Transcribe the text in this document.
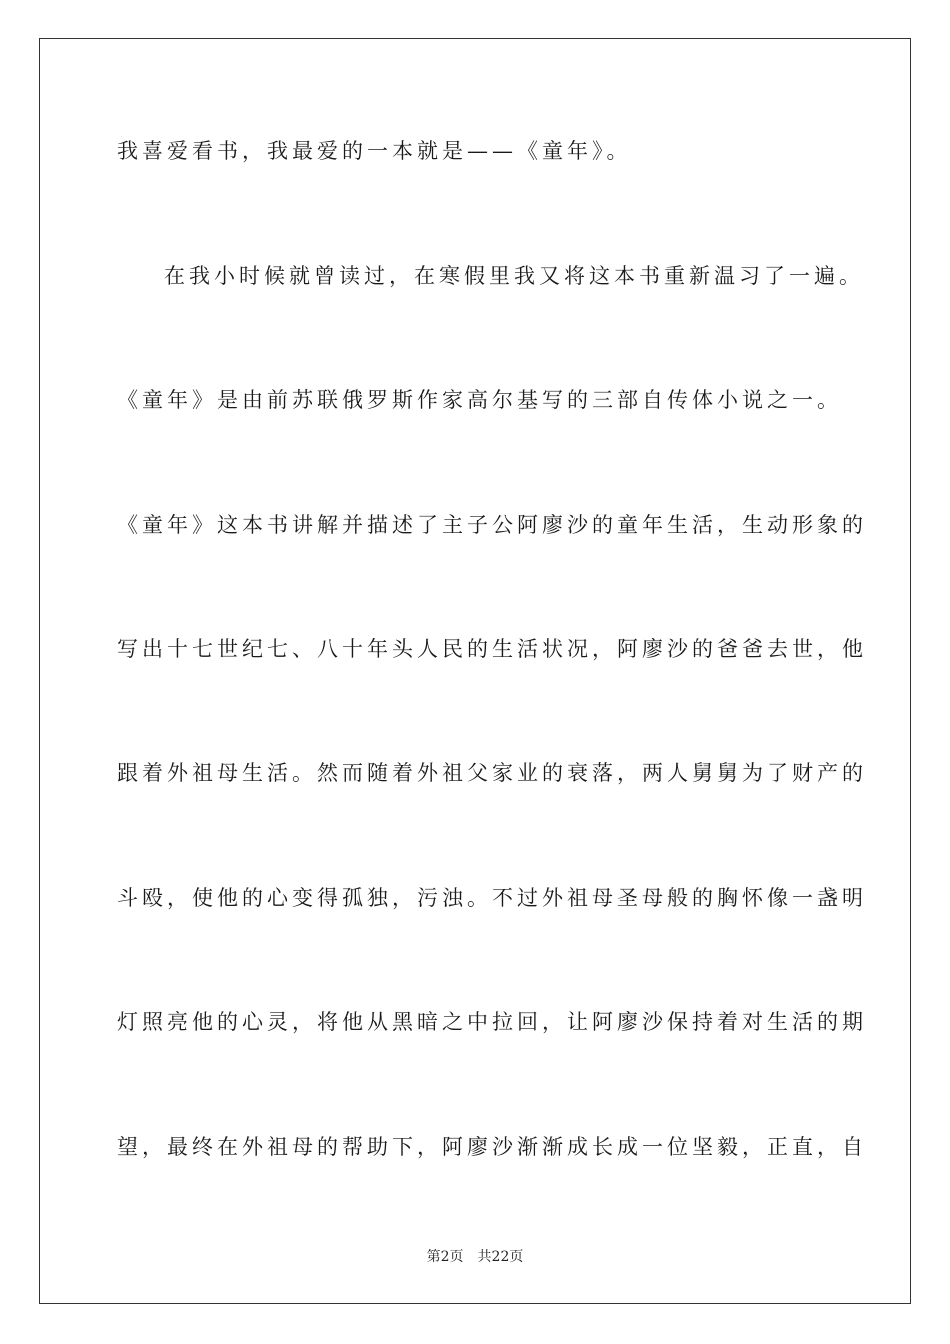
我喜爱看书，我最爱的一本就是——《童年》。
在我小时候就曾读过，在寒假里我又将这本书重新温习了一遍。
《童年》是由前苏联俄罗斯作家高尔基写的三部自传体小说之一。
《童年》这本书讲解并描述了主子公阿廖沙的童年生活，生动形象的
写出十七世纪七、八十年头人民的生活状况，阿廖沙的爸爸去世，他
跟着外祖母生活。然而随着外祖父家业的衰落，两人舅舅为了财产的
斗殴，使他的心变得孤独，污浊。不过外祖母圣母般的胸怀像一盏明
灯照亮他的心灵，将他从黑暗之中拉回，让阿廖沙保持着对生活的期
望，最终在外祖母的帮助下，阿廖沙渐渐成长成一位坚毅，正直，自
第2页 共22页
